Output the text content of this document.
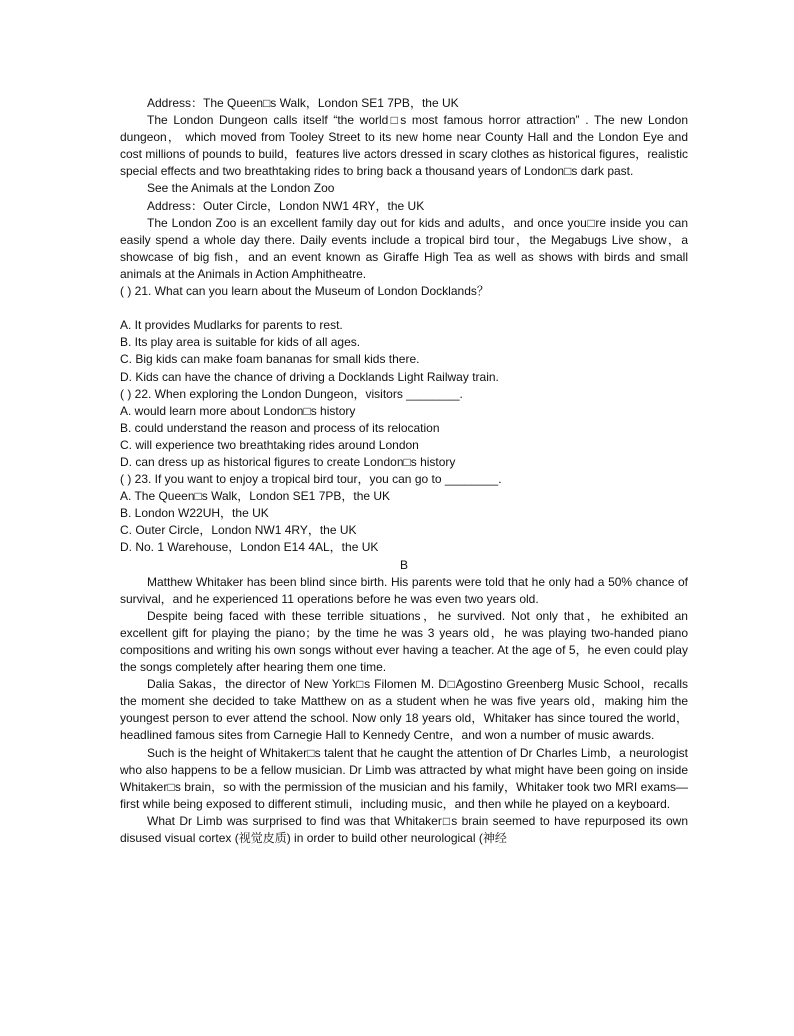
Address：The Queen□s Walk，London SE1 7PB，the UK

The London Dungeon calls itself “the world□s most famous horror attraction” . The new London dungeon， which moved from Tooley Street to its new home near County Hall and the London Eye and cost millions of pounds to build，features live actors dressed in scary clothes as historical figures，realistic special effects and two breathtaking rides to bring back a thousand years of London□s dark past.

See the Animals at the London Zoo

Address：Outer Circle，London NW1 4RY，the UK

The London Zoo is an excellent family day out for kids and adults，and once you□re inside you can easily spend a whole day there. Daily events include a tropical bird tour，the Megabugs Live show，a showcase of big fish，and an event known as Giraffe High Tea as well as shows with birds and small animals at the Animals in Action Amphitheatre.

( ) 21. What can you learn about the Museum of London Docklands？

A. It provides Mudlarks for parents to rest.

B. Its play area is suitable for kids of all ages.

C. Big kids can make foam bananas for small kids there.

D. Kids can have the chance of driving a Docklands Light Railway train.

( ) 22. When exploring the London Dungeon，visitors ________.

A. would learn more about London□s history

B. could understand the reason and process of its relocation

C. will experience two breathtaking rides around London

D. can dress up as historical figures to create London□s history

( ) 23. If you want to enjoy a tropical bird tour，you can go to ________.

A. The Queen□s Walk，London SE1 7PB，the UK

B. London W22UH，the UK

C. Outer Circle，London NW1 4RY，the UK

D. No. 1 Warehouse，London E14 4AL，the UK

B

Matthew Whitaker has been blind since birth. His parents were told that he only had a 50% chance of survival，and he experienced 11 operations before he was even two years old.

Despite being faced with these terrible situations，he survived. Not only that，he exhibited an excellent gift for playing the piano；by the time he was 3 years old，he was playing two-handed piano compositions and writing his own songs without ever having a teacher. At the age of 5，he even could play the songs completely after hearing them one time.

Dalia Sakas，the director of New York□s Filomen M. D□Agostino Greenberg Music School，recalls the moment she decided to take Matthew on as a student when he was five years old，making him the youngest person to ever attend the school. Now only 18 years old，Whitaker has since toured the world，headlined famous sites from Carnegie Hall to Kennedy Centre，and won a number of music awards.

Such is the height of Whitaker□s talent that he caught the attention of Dr Charles Limb，a neurologist who also happens to be a fellow musician. Dr Limb was attracted by what might have been going on inside Whitaker□s brain，so with the permission of the musician and his family，Whitaker took two MRI exams—first while being exposed to different stimuli，including music，and then while he played on a keyboard.

What Dr Limb was surprised to find was that Whitaker□s brain seemed to have repurposed its own disused visual cortex (视觉皮质) in order to build other neurological (神经
